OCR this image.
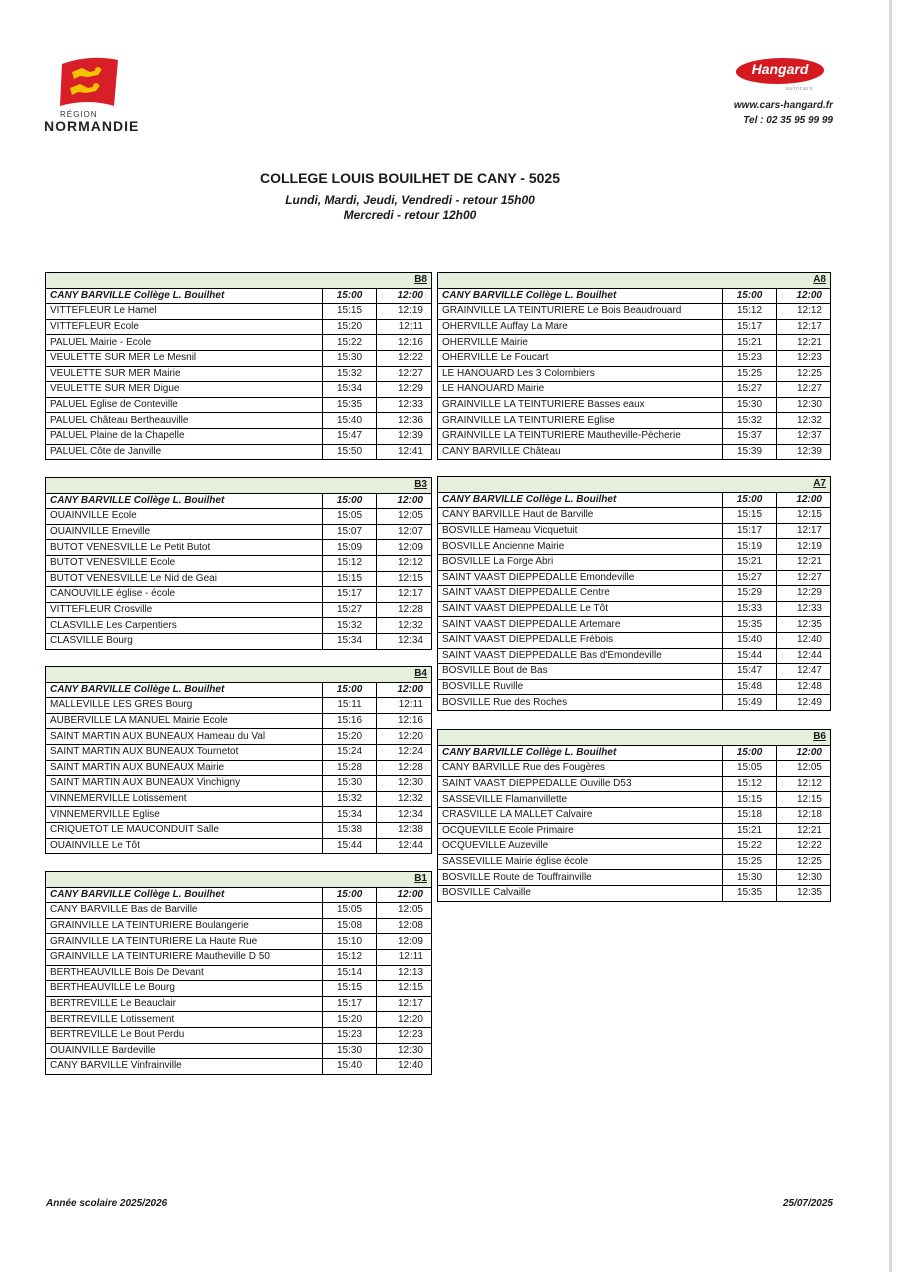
RÉGION
NORMANDIE
Hangard
autocars
www.cars-hangard.fr
Tel : 02 35 95 99 99
COLLEGE LOUIS BOUILHET DE CANY - 5025
Lundi, Mardi, Jeudi, Vendredi - retour 15h00
Mercredi - retour 12h00
B8		
CANY BARVILLE Collège L. Bouilhet	15:00	12:00
VITTEFLEUR Le Hamel	15:15	12:19
VITTEFLEUR Ecole	15:20	12:11
PALUEL Mairie - Ecole	15:22	12:16
VEULETTE SUR MER Le Mesnil	15:30	12:22
VEULETTE SUR MER Mairie	15:32	12:27
VEULETTE SUR MER Digue	15:34	12:29
PALUEL Eglise de Conteville	15:35	12:33
PALUEL Château Bertheauville	15:40	12:36
PALUEL Plaine de la Chapelle	15:47	12:39
PALUEL Côte de Janville	15:50	12:41
B3		
CANY BARVILLE Collège L. Bouilhet	15:00	12:00
OUAINVILLE Ecole	15:05	12:05
OUAINVILLE Erneville	15:07	12:07
BUTOT VENESVILLE Le Petit Butot	15:09	12:09
BUTOT VENESVILLE Ecole	15:12	12:12
BUTOT VENESVILLE Le Nid de Geai	15:15	12:15
CANOUVILLE église - école	15:17	12:17
VITTEFLEUR Crosville	15:27	12:28
CLASVILLE Les Carpentiers	15:32	12:32
CLASVILLE Bourg	15:34	12:34
B4		
CANY BARVILLE Collège L. Bouilhet	15:00	12:00
MALLEVILLE LES GRES Bourg	15:11	12:11
AUBERVILLE LA MANUEL Mairie Ecole	15:16	12:16
SAINT MARTIN AUX BUNEAUX Hameau du Val	15:20	12:20
SAINT MARTIN AUX BUNEAUX Tournetot	15:24	12:24
SAINT MARTIN AUX BUNEAUX Mairie	15:28	12:28
SAINT MARTIN AUX BUNEAUX Vinchigny	15:30	12:30
VINNEMERVILLE Lotissement	15:32	12:32
VINNEMERVILLE Eglise	15:34	12:34
CRIQUETOT LE MAUCONDUIT Salle	15:38	12:38
OUAINVILLE Le Tôt	15:44	12:44
B1		
CANY BARVILLE Collège L. Bouilhet	15:00	12:00
CANY BARVILLE Bas de Barville	15:05	12:05
GRAINVILLE LA TEINTURIERE Boulangerie	15:08	12:08
GRAINVILLE LA TEINTURIERE La Haute Rue	15:10	12:09
GRAINVILLE LA TEINTURIERE Mautheville D 50	15:12	12:11
BERTHEAUVILLE Bois De Devant	15:14	12:13
BERTHEAUVILLE Le Bourg	15:15	12:15
BERTREVILLE Le Beauclair	15:17	12:17
BERTREVILLE Lotissement	15:20	12:20
BERTREVILLE Le Bout Perdu	15:23	12:23
OUAINVILLE Bardeville	15:30	12:30
CANY BARVILLE Vinfrainville	15:40	12:40
A8		
CANY BARVILLE Collège L. Bouilhet	15:00	12:00
GRAINVILLE LA TEINTURIERE Le Bois Beaudrouard	15:12	12:12
OHERVILLE Auffay La Mare	15:17	12:17
OHERVILLE Mairie	15:21	12:21
OHERVILLE Le Foucart	15:23	12:23
LE HANOUARD Les 3 Colombiers	15:25	12:25
LE HANOUARD Mairie	15:27	12:27
GRAINVILLE LA TEINTURIERE Basses eaux	15:30	12:30
GRAINVILLE LA TEINTURIERE Eglise	15:32	12:32
GRAINVILLE LA TEINTURIERE Mautheville-Pècherie	15:37	12:37
CANY BARVILLE Château	15:39	12:39
A7		
CANY BARVILLE Collège L. Bouilhet	15:00	12:00
CANY BARVILLE Haut de Barville	15:15	12:15
BOSVILLE Hameau Vicquetuit	15:17	12:17
BOSVILLE Ancienne Mairie	15:19	12:19
BOSVILLE La Forge Abri	15:21	12:21
SAINT VAAST DIEPPEDALLE Emondeville	15:27	12:27
SAINT VAAST DIEPPEDALLE Centre	15:29	12:29
SAINT VAAST DIEPPEDALLE Le Tôt	15:33	12:33
SAINT VAAST DIEPPEDALLE Artemare	15:35	12:35
SAINT VAAST DIEPPEDALLE Frébois	15:40	12:40
SAINT VAAST DIEPPEDALLE Bas d'Emondeville	15:44	12:44
BOSVILLE Bout de Bas	15:47	12:47
BOSVILLE Ruville	15:48	12:48
BOSVILLE Rue des Roches	15:49	12:49
B6		
CANY BARVILLE Collège L. Bouilhet	15:00	12:00
CANY BARVILLE Rue des Fougères	15:05	12:05
SAINT VAAST DIEPPEDALLE Ouville D53	15:12	12:12
SASSEVILLE Flamanvillette	15:15	12:15
CRASVILLE LA MALLET Calvaire	15:18	12:18
OCQUEVILLE Ecole Primaire	15:21	12:21
OCQUEVILLE Auzeville	15:22	12:22
SASSEVILLE Mairie église école	15:25	12:25
BOSVILLE Route de Touffrainville	15:30	12:30
BOSVILLE Calvaille	15:35	12:35
Année scolaire 2025/2026	25/07/2025
